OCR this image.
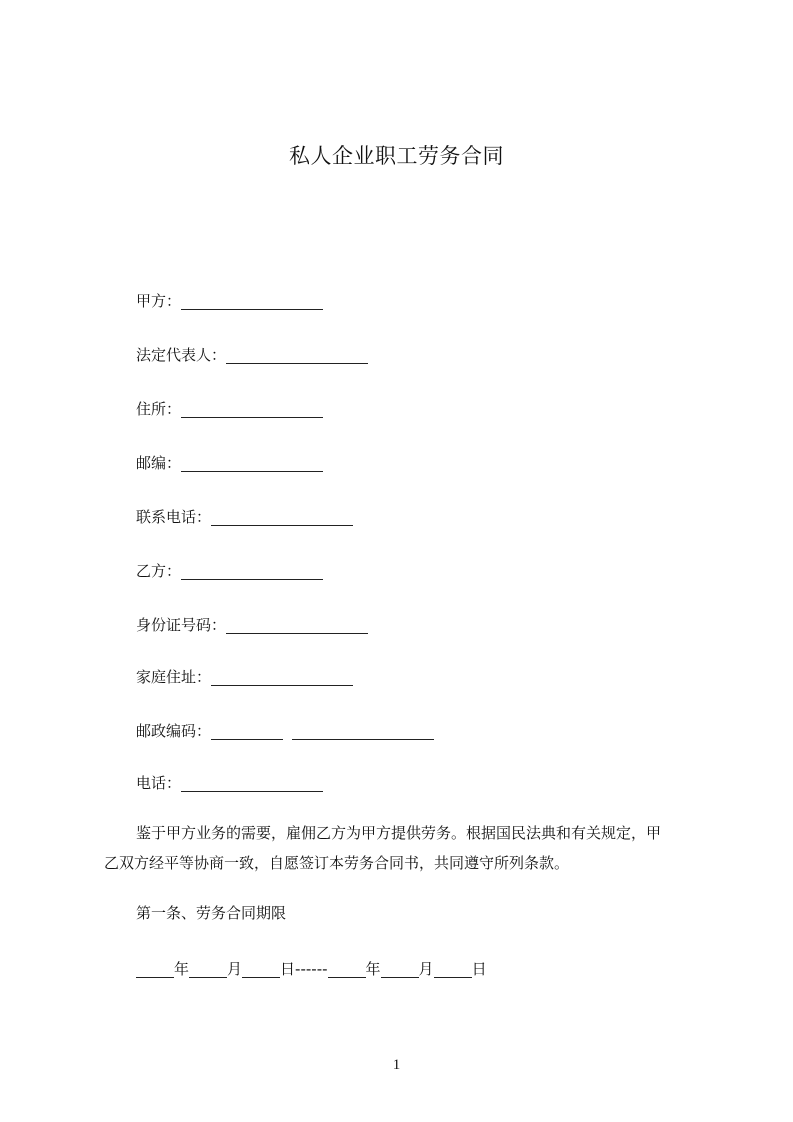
私人企业职工劳务合同
甲方：
法定代表人：
住所：
邮编：
联系电话：
乙方：
身份证号码：
家庭住址：
邮政编码：
电话：
鉴于甲方业务的需要，雇佣乙方为甲方提供劳务。根据国民法典和有关规定，甲
乙双方经平等协商一致，自愿签订本劳务合同书，共同遵守所列条款。
第一条、劳务合同期限
年	月	日------	年	月	日
1
